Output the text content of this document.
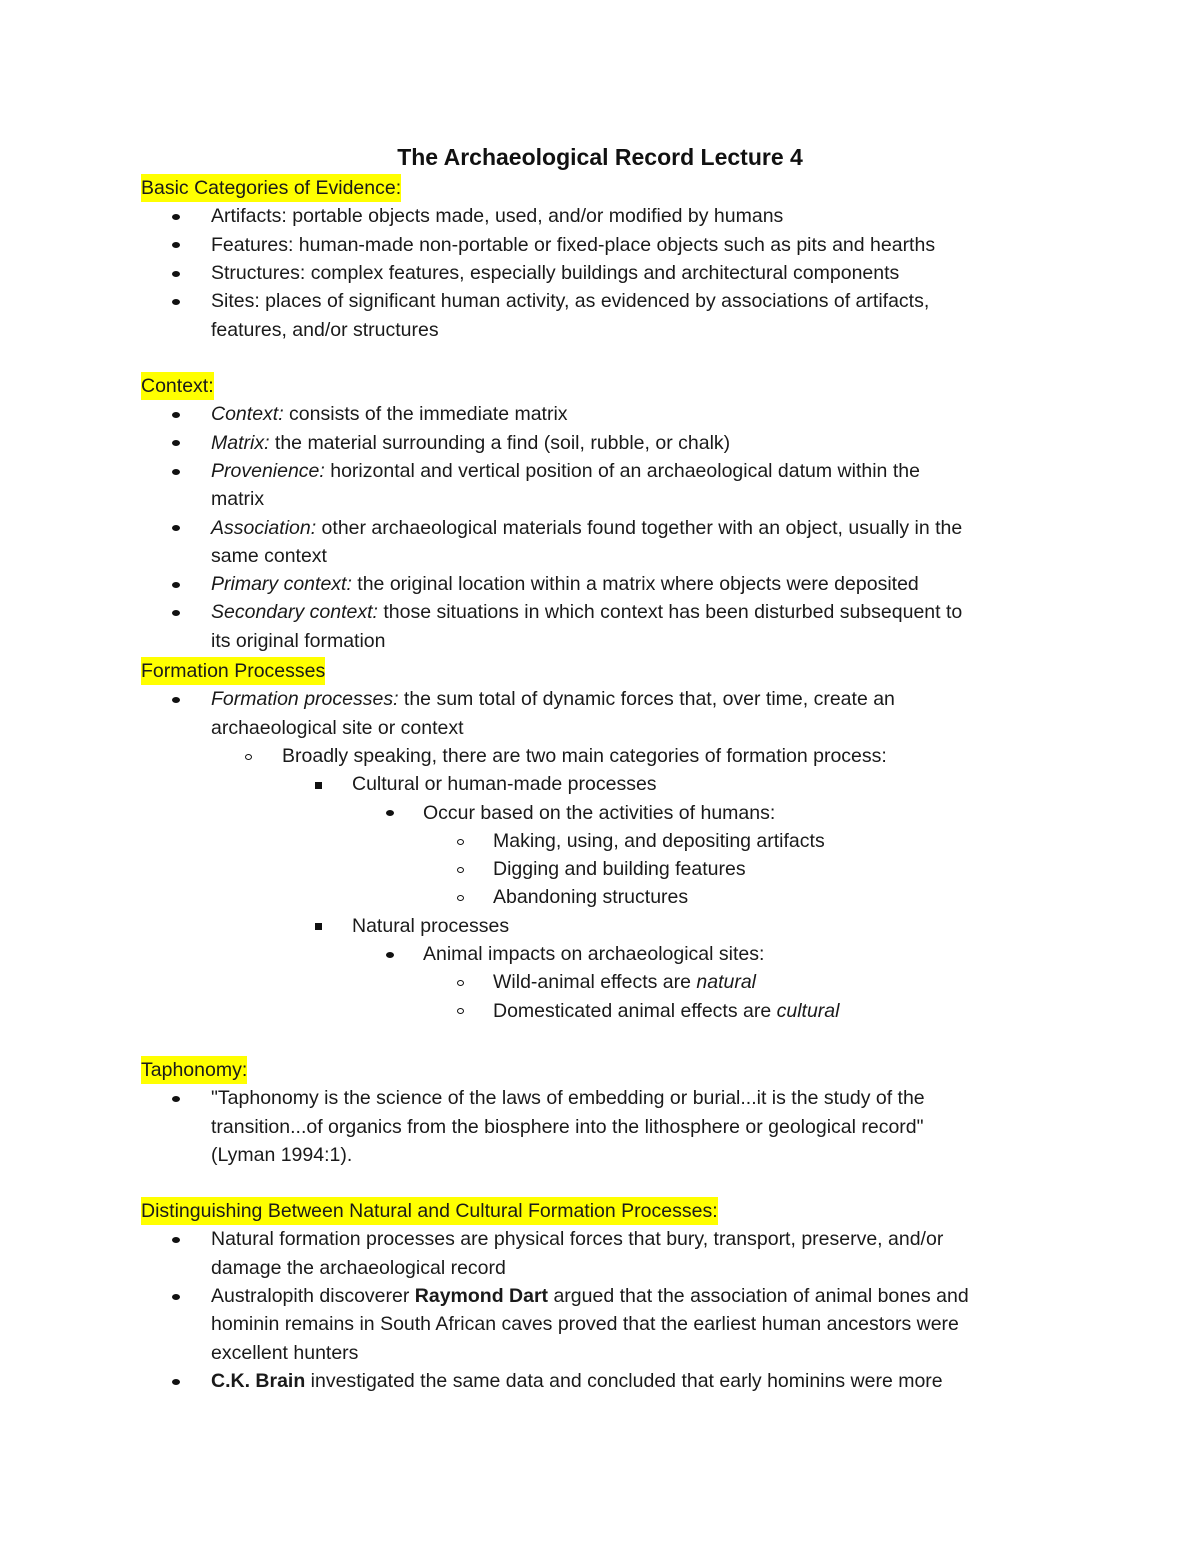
The Archaeological Record Lecture 4
Basic Categories of Evidence:
Artifacts: portable objects made, used, and/or modified by humans
Features: human-made non-portable or fixed-place objects such as pits and hearths
Structures: complex features, especially buildings and architectural components
Sites: places of significant human activity, as evidenced by associations of artifacts,
features, and/or structures
Context:
Context: consists of the immediate matrix
Matrix: the material surrounding a find (soil, rubble, or chalk)
Provenience: horizontal and vertical position of an archaeological datum within the
matrix
Association: other archaeological materials found together with an object, usually in the
same context
Primary context: the original location within a matrix where objects were deposited
Secondary context: those situations in which context has been disturbed subsequent to
its original formation
Formation Processes
Formation processes: the sum total of dynamic forces that, over time, create an
archaeological site or context
Broadly speaking, there are two main categories of formation process:
Cultural or human-made processes
Occur based on the activities of humans:
Making, using, and depositing artifacts
Digging and building features
Abandoning structures
Natural processes
Animal impacts on archaeological sites:
Wild-animal effects are natural
Domesticated animal effects are cultural
Taphonomy:
"Taphonomy is the science of the laws of embedding or burial...it is the study of the
transition...of organics from the biosphere into the lithosphere or geological record"
(Lyman 1994:1).
Distinguishing Between Natural and Cultural Formation Processes:
Natural formation processes are physical forces that bury, transport, preserve, and/or
damage the archaeological record
Australopith discoverer Raymond Dart argued that the association of animal bones and
hominin remains in South African caves proved that the earliest human ancestors were
excellent hunters
C.K. Brain investigated the same data and concluded that early hominins were more
